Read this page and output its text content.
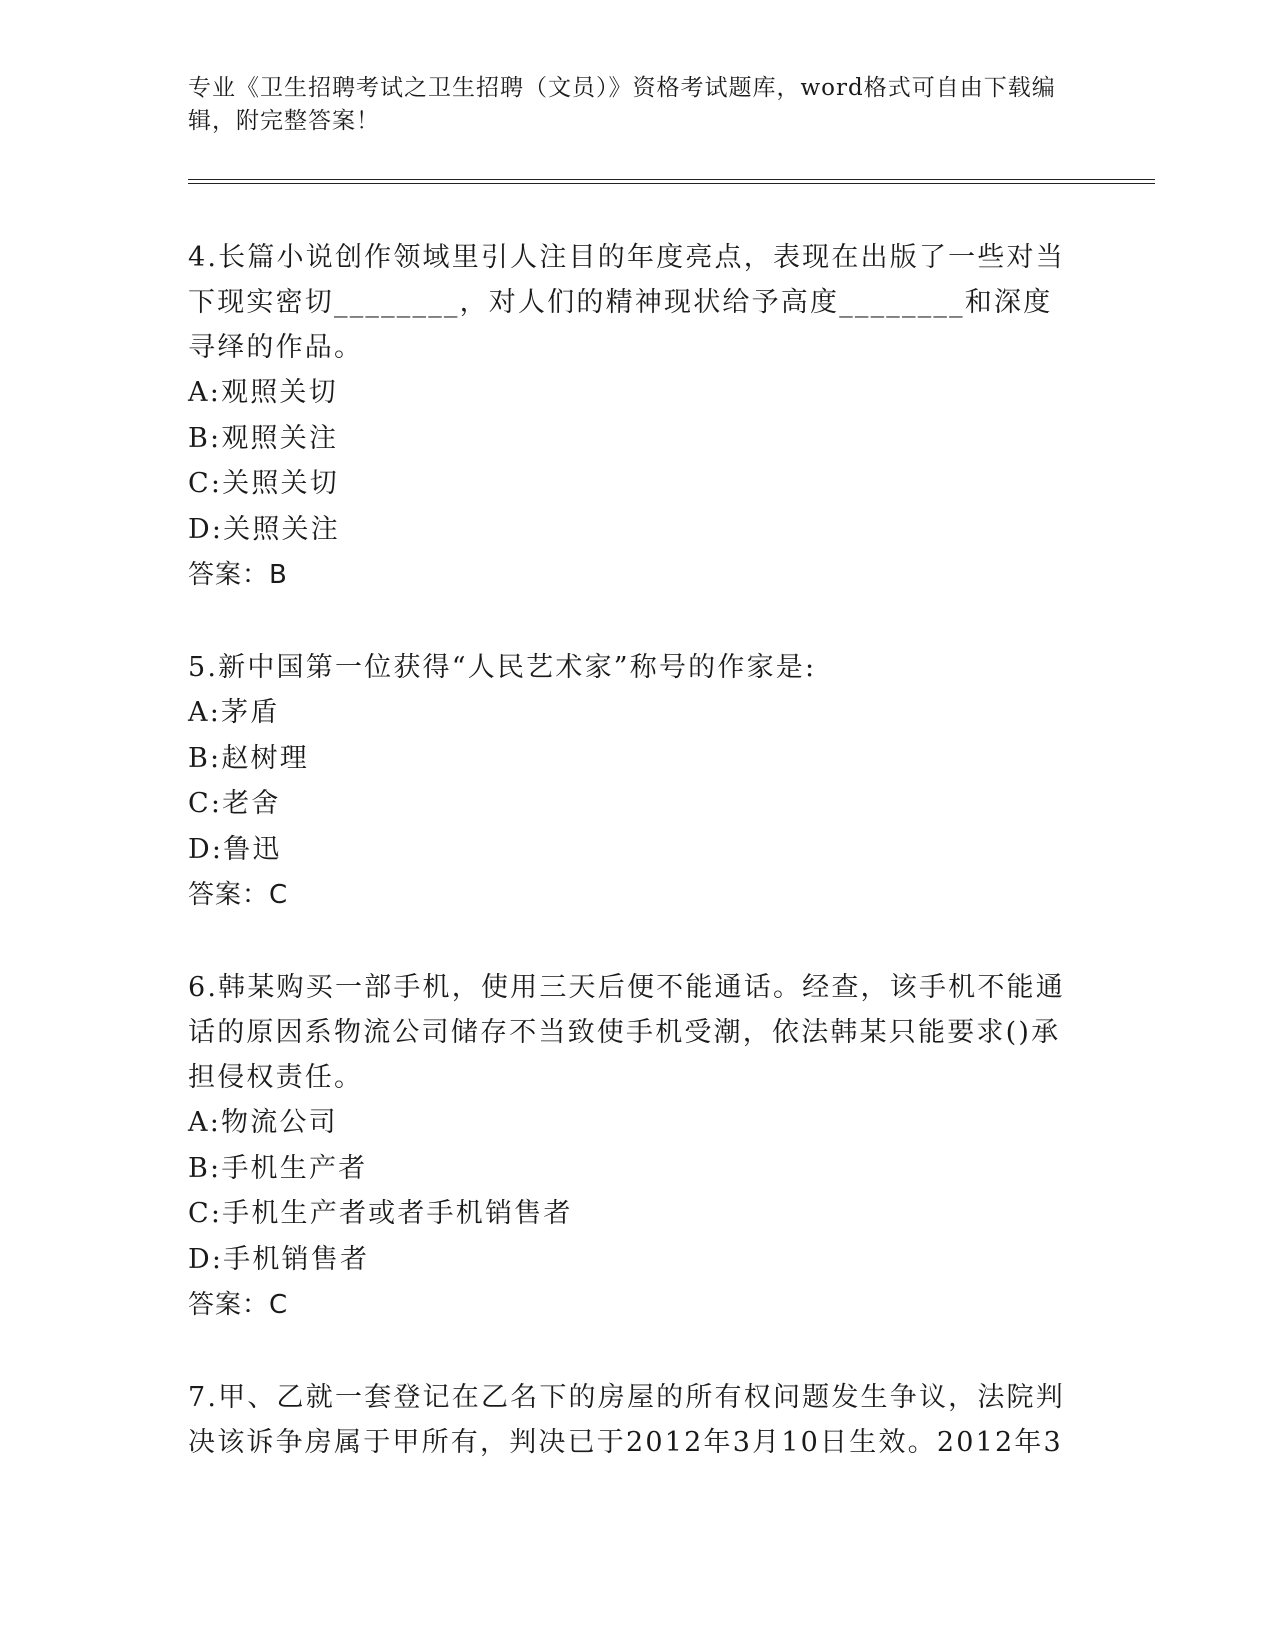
专业《卫生招聘考试之卫生招聘（文员）》资格考试题库，word格式可自由下载编辑，附完整答案！

4.长篇小说创作领域里引人注目的年度亮点，表现在出版了一些对当下现实密切________，对人们的精神现状给予高度________和深度寻绎的作品。

A:观照关切
B:观照关注
C:关照关切
D:关照关注
答案：B

5.新中国第一位获得“人民艺术家”称号的作家是:

A:茅盾
B:赵树理
C:老舍
D:鲁迅
答案：C

6.韩某购买一部手机，使用三天后便不能通话。经查，该手机不能通话的原因系物流公司储存不当致使手机受潮，依法韩某只能要求()承担侵权责任。

A:物流公司
B:手机生产者
C:手机生产者或者手机销售者
D:手机销售者
答案：C

7.甲、乙就一套登记在乙名下的房屋的所有权问题发生争议，法院判决该诉争房属于甲所有，判决已于2012年3月10日生效。2012年3
